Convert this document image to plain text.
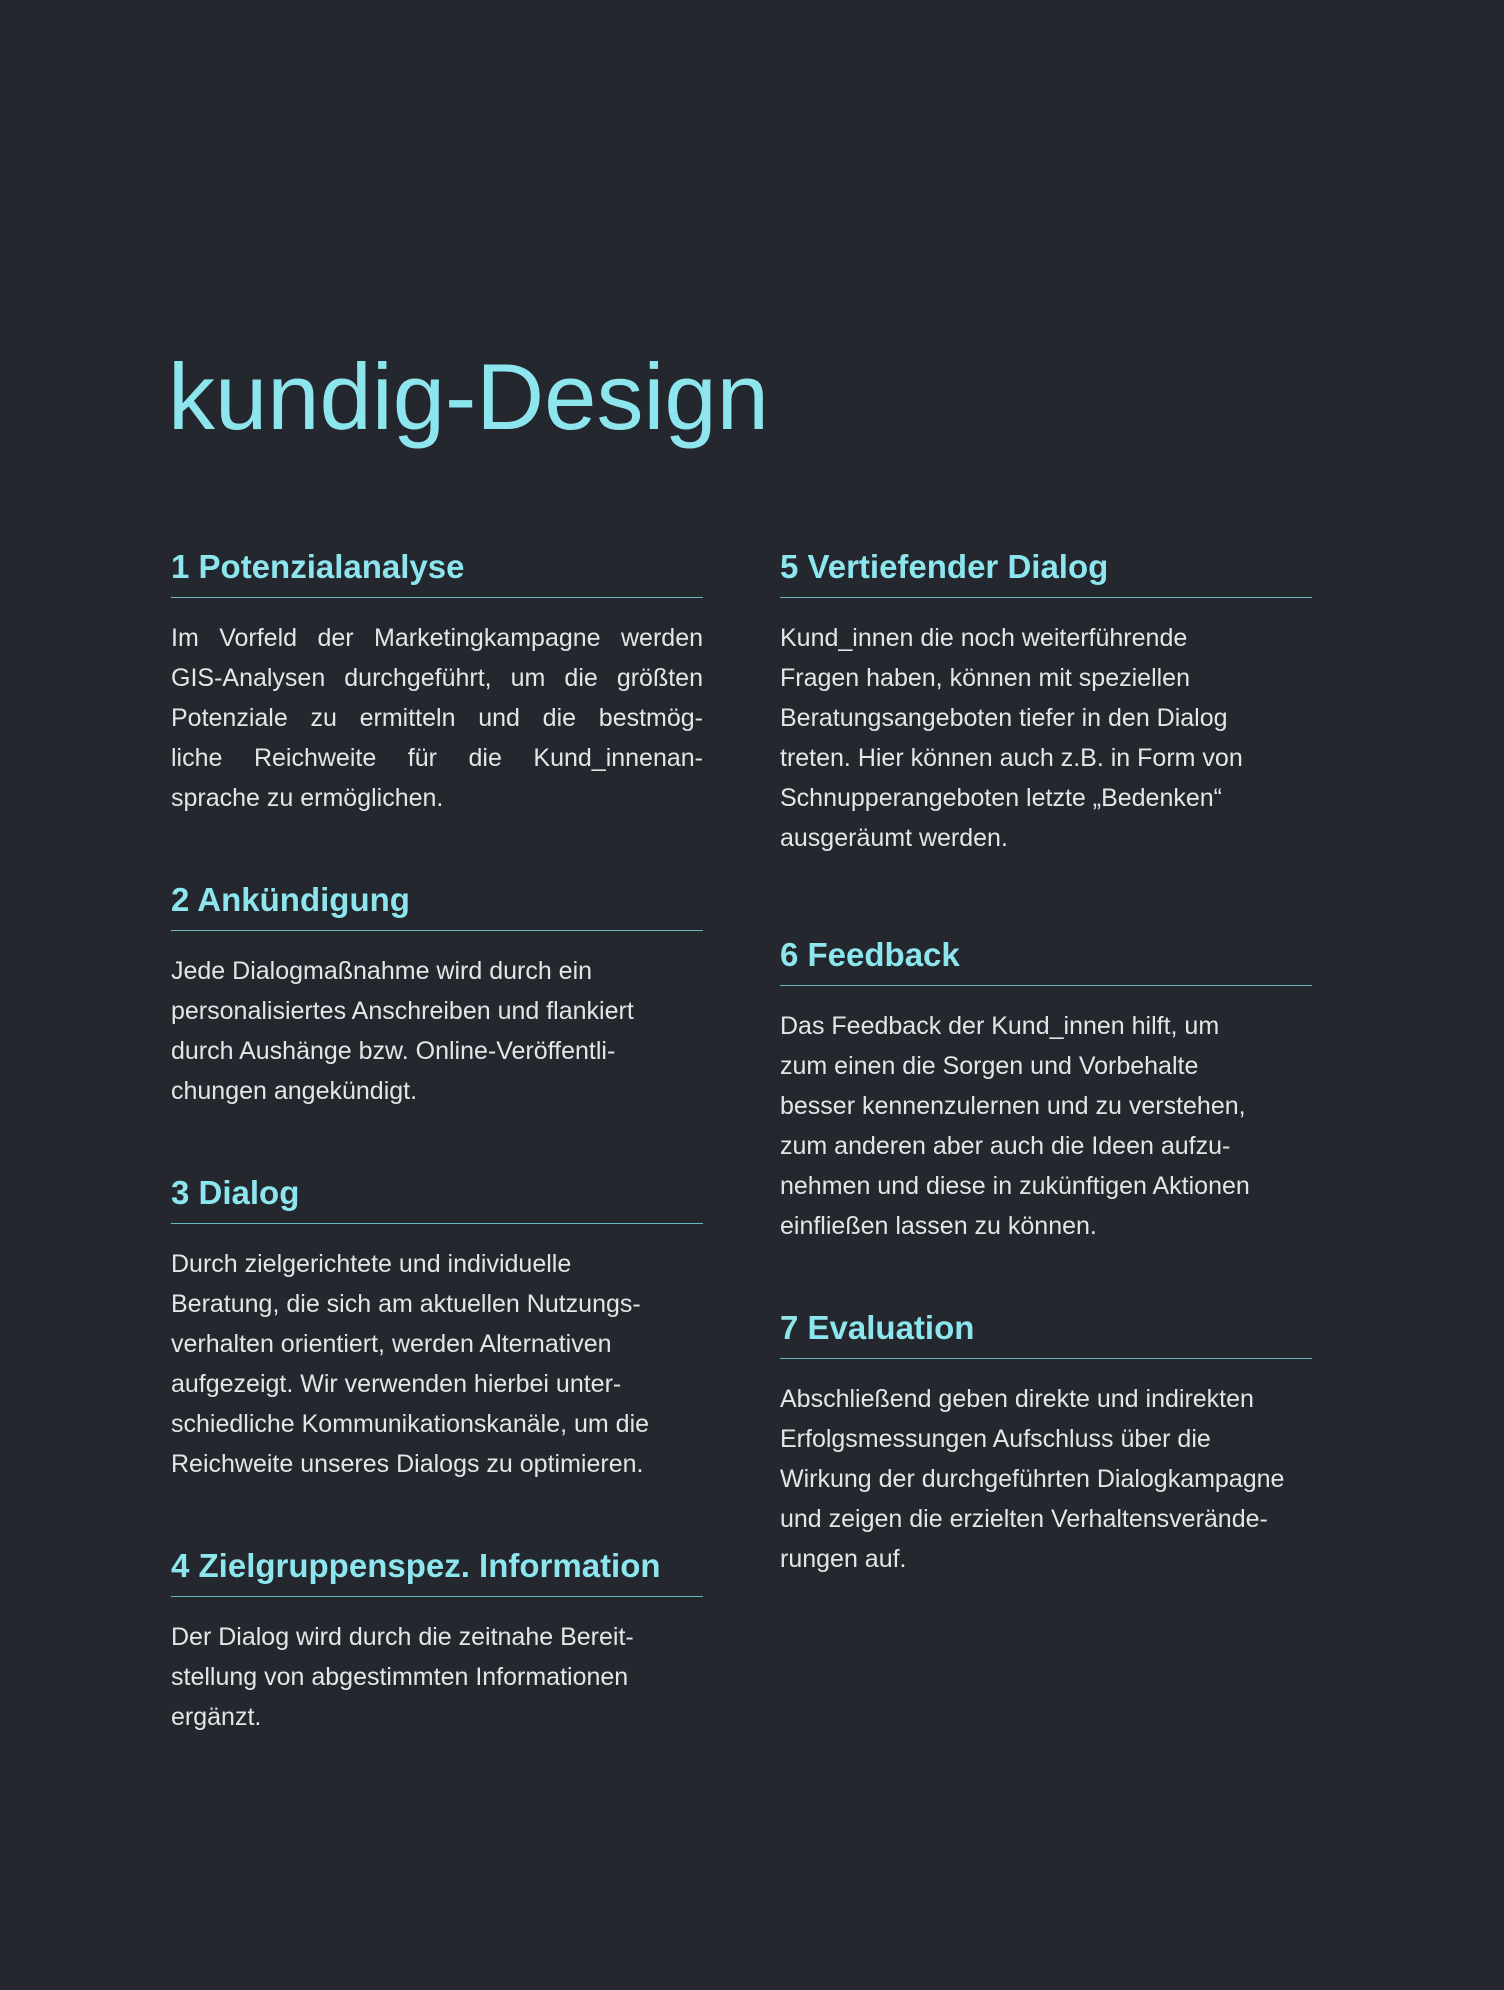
kundig-Design
1 Potenzialanalyse

Im Vorfeld der Marketingkampagne werden
GIS-Analysen durchgeführt, um die größten
Potenziale zu ermitteln und die bestmög-
liche Reichweite für die Kund_innenan-
sprache zu ermöglichen.

2 Ankündigung

Jede Dialogmaßnahme wird durch ein
personalisiertes Anschreiben und flankiert
durch Aushänge bzw. Online-Veröffentli-
chungen angekündigt.

3 Dialog

Durch zielgerichtete und individuelle
Beratung, die sich am aktuellen Nutzungs-
verhalten orientiert, werden Alternativen
aufgezeigt. Wir verwenden hierbei unter-
schiedliche Kommunikationskanäle, um die
Reichweite unseres Dialogs zu optimieren.

4 Zielgruppenspez. Information

Der Dialog wird durch die zeitnahe Bereit-
stellung von abgestimmten Informationen
ergänzt.

5 Vertiefender Dialog

Kund_innen die noch weiterführende
Fragen haben, können mit speziellen
Beratungsangeboten tiefer in den Dialog
treten. Hier können auch z.B. in Form von
Schnupperangeboten letzte „Bedenken“
ausgeräumt werden.

6 Feedback

Das Feedback der Kund_innen hilft, um
zum einen die Sorgen und Vorbehalte
besser kennenzulernen und zu verstehen,
zum anderen aber auch die Ideen aufzu-
nehmen und diese in zukünftigen Aktionen
einfließen lassen zu können.

7 Evaluation

Abschließend geben direkte und indirekten
Erfolgsmessungen Aufschluss über die
Wirkung der durchgeführten Dialogkampagne
und zeigen die erzielten Verhaltensverände-
rungen auf.
